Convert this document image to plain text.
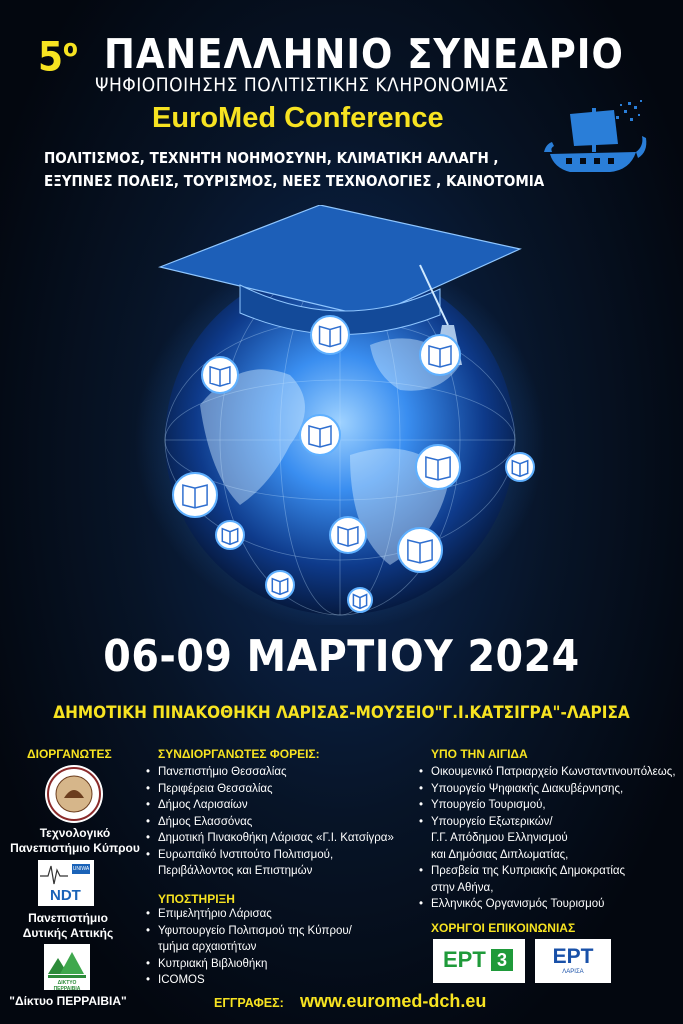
$5^o$ ΠΑΝΕΛΛΗΝΙΟ ΣΥΝΕΔΡΙΟ
ΨΗΦΙΟΠΟΙΗΣΗΣ ΠΟΛΙΤΙΣΤΙΚΗΣ ΚΛΗΡΟΝΟΜΙΑΣ
EuroMed Conference
ΠΟΛΙΤΙΣΜΟΣ, ΤΕΧΝΗΤΗ ΝΟΗΜΟΣΥΝΗ, ΚΛΙΜΑΤΙΚΗ ΑΛΛΑΓΗ ,
ΕΞΥΠΝΕΣ ΠΟΛΕΙΣ, ΤΟΥΡΙΣΜΟΣ, ΝΕΕΣ ΤΕΧΝΟΛΟΓΙΕΣ , ΚΑΙΝΟΤΟΜΙΑ
06-09 ΜΑΡΤΙΟΥ 2024
ΔΗΜΟΤΙΚΗ ΠΙΝΑΚΟΘΗΚΗ ΛΑΡΙΣΑΣ-ΜΟΥΣΕΙΟ"Γ.Ι.ΚΑΤΣΙΓΡΑ"-ΛΑΡΙΣΑ
ΔΙΟΡΓΑΝΩΤΕΣ
Τεχνολογικό
Πανεπιστήμιο Κύπρου
UNIWA
NDT
Πανεπιστήμιο
Δυτικής Αττικής
ΔΙΚΤΥΟ ΠΕΡΡΑΙΒΙΑ
"Δίκτυο ΠΕΡΡΑΙΒΙΑ"
ΣΥΝΔΙΟΡΓΑΝΩΤΕΣ ΦΟΡΕΙΣ:
• Πανεπιστήμιο Θεσσαλίας
• Περιφέρεια Θεσσαλίας
• Δήμος Λαρισαίων
• Δήμος Ελασσόνας
• Δημοτική Πινακοθήκη Λάρισας «Γ.Ι. Κατσίγρα»
• Ευρωπαϊκό Ινστιτούτο Πολιτισμού,
Περιβάλλοντος και Επιστημών
ΥΠΟΣΤΗΡΙΞΗ
• Επιμελητήριο Λάρισας
• Υφυπουργείο Πολιτισμού της Κύπρου/
τμήμα αρχαιοτήτων
• Κυπριακή Βιβλιοθήκη
• ICOMOS
ΥΠΟ ΤΗΝ ΑΙΓΙΔΑ
• Οικουμενικό Πατριαρχείο Κωνσταντινουπόλεως,
• Υπουργείο Ψηφιακής Διακυβέρνησης,
• Υπουργείο Τουρισμού,
• Υπουργείο Εξωτερικών/
Γ.Γ. Απόδημου Ελληνισμού
και Δημόσιας Διπλωματίας,
• Πρεσβεία της Κυπριακής Δημοκρατίας
στην Αθήνα,
• Ελληνικός Οργανισμός Τουρισμού
ΧΟΡΗΓΟΙ ΕΠΙΚΟΙΝΩΝΙΑΣ
ΕΡΤ 3	ΕΡΤ
ΛΑΡΙΣΑ
ΕΓΓΡΑΦΕΣ: www.euromed-dch.eu
